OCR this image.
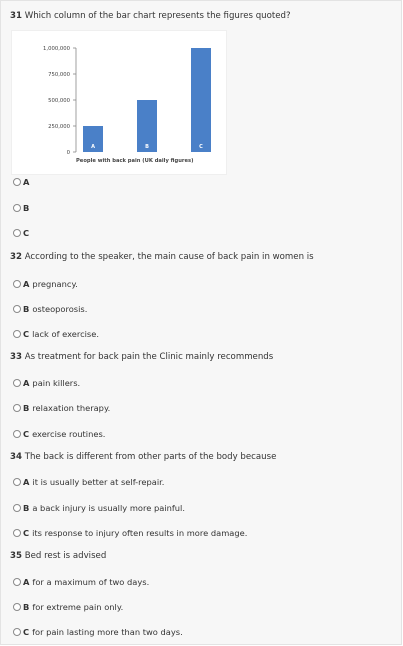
31 Which column of the bar chart represents the figures quoted?
0
250,000
500,000
750,000
1,000,000
A	B	C
People with back pain (UK daily figures)
A
B
C
32 According to the speaker, the main cause of back pain in women is
A pregnancy.
B osteoporosis.
C lack of exercise.
33 As treatment for back pain the Clinic mainly recommends
A pain killers.
B relaxation therapy.
C exercise routines.
34 The back is different from other parts of the body because
A it is usually better at self-repair.
B a back injury is usually more painful.
C its response to injury often results in more damage.
35 Bed rest is advised
A for a maximum of two days.
B for extreme pain only.
C for pain lasting more than two days.
